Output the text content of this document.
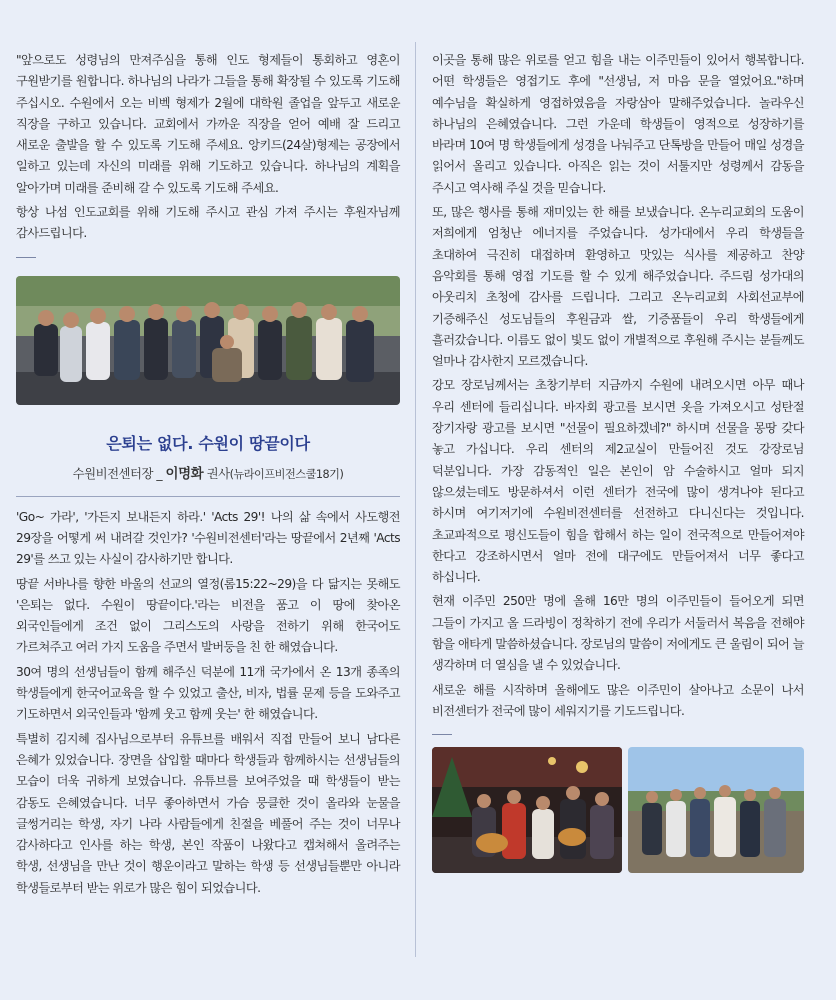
"앞으로도 성령님의 만져주심을 통해 인도 형제들이 통회하고 영혼이 구원받기를 원합니다. 하나님의 나라가 그들을 통해 확장될 수 있도록 기도해 주십시오. 수원에서 오는 비벡 형제가 2월에 대학원 졸업을 앞두고 새로운 직장을 구하고 있습니다. 교회에서 가까운 직장을 얻어 예배 잘 드리고 새로운 출발을 할 수 있도록 기도해 주세요. 앙키드(24살)형제는 공장에서 일하고 있는데 자신의 미래를 위해 기도하고 있습니다. 하나님의 계획을 알아가며 미래를 준비해 갈 수 있도록 기도해 주세요.

항상 나섬 인도교회를 위해 기도해 주시고 관심 가져 주시는 후원자님께 감사드립니다.

은퇴는 없다. 수원이 땅끝이다
수원비전센터장 _ 이명화 권사(뉴라이프비전스쿨18기)

'Go~ 가라', '가든지 보내든지 하라.' 'Acts 29'! 나의 삶 속에서 사도행전 29장을 어떻게 써 내려갈 것인가? '수원비전센터'라는 땅끝에서 2년째 'Acts 29'를 쓰고 있는 사실이 감사하기만 합니다.

땅끝 서바나를 향한 바울의 선교의 열정(롬15:22~29)을 다 닮지는 못해도 '은퇴는 없다. 수원이 땅끝이다.'라는 비전을 품고 이 땅에 찾아온 외국인들에게 조건 없이 그리스도의 사랑을 전하기 위해 한국어도 가르쳐주고 여러 가지 도움을 주면서 발버둥을 친 한 해였습니다.

30여 명의 선생님들이 함께 해주신 덕분에 11개 국가에서 온 13개 종족의 학생들에게 한국어교육을 할 수 있었고 출산, 비자, 법률 문제 등을 도와주고 기도하면서 외국인들과 '함께 웃고 함께 웃는' 한 해였습니다.

특별히 김지혜 집사님으로부터 유튜브를 배워서 직접 만들어 보니 남다른 은혜가 있었습니다. 장면을 삽입할 때마다 학생들과 함께하시는 선생님들의 모습이 더욱 귀하게 보였습니다. 유튜브를 보여주었을 때 학생들이 받는 감동도 은혜였습니다. 너무 좋아하면서 가슴 뭉클한 것이 올라와 눈물을 글썽거리는 학생, 자기 나라 사람들에게 친절을 베풀어 주는 것이 너무나 감사하다고 인사를 하는 학생, 본인 작품이 나왔다고 캡쳐해서 올려주는 학생, 선생님을 만난 것이 행운이라고 말하는 학생 등 선생님들뿐만 아니라 학생들로부터 받는 위로가 많은 힘이 되었습니다.

이곳을 통해 많은 위로를 얻고 힘을 내는 이주민들이 있어서 행복합니다. 어떤 학생들은 영접기도 후에 "선생님, 저 마음 문을 열었어요."하며 예수님을 확실하게 영접하였음을 자랑삼아 말해주었습니다. 놀라우신 하나님의 은혜였습니다. 그런 가운데 학생들이 영적으로 성장하기를 바라며 10여 명 학생들에게 성경을 나눠주고 단톡방을 만들어 매일 성경을 읽어서 올리고 있습니다. 아직은 읽는 것이 서툴지만 성령께서 감동을 주시고 역사해 주실 것을 믿습니다.

또, 많은 행사를 통해 재미있는 한 해를 보냈습니다. 온누리교회의 도움이 저희에게 엄청난 에너지를 주었습니다. 성가대에서 우리 학생들을 초대하여 극진히 대접하며 환영하고 맛있는 식사를 제공하고 찬양 음악회를 통해 영접 기도를 할 수 있게 해주었습니다. 주드림 성가대의 아웃리치 초청에 감사를 드립니다. 그리고 온누리교회 사회선교부에 기증해주신 성도님들의 후원금과 쌀, 기증품들이 우리 학생들에게 흘러갔습니다. 이름도 없이 빛도 없이 개별적으로 후원해 주시는 분들께도 얼마나 감사한지 모르겠습니다.

강모 장로님께서는 초창기부터 지금까지 수원에 내려오시면 아무 때나 우리 센터에 들리십니다. 바자회 광고를 보시면 옷을 가져오시고 성탄절 장기자랑 광고를 보시면 "선물이 필요하겠네?" 하시며 선물을 몽땅 갖다 놓고 가십니다. 우리 센터의 제2교실이 만들어진 것도 강장로님 덕분입니다. 가장 감동적인 일은 본인이 암 수술하시고 얼마 되지 않으셨는데도 방문하셔서 이런 센터가 전국에 많이 생겨나야 된다고 하시며 여기저기에 수원비전센터를 선전하고 다니신다는 것입니다. 초교파적으로 평신도들이 힘을 합해서 하는 일이 전국적으로 만들어져야 한다고 강조하시면서 얼마 전에 대구에도 만들어져서 너무 좋다고 하십니다.

현재 이주민 250만 명에 올해 16만 명의 이주민들이 들어오게 되면 그들이 가지고 올 드라빙이 정착하기 전에 우리가 서둘러서 복음을 전해야 함을 애타게 말씀하셨습니다. 장로님의 말씀이 저에게도 큰 울림이 되어 늘 생각하며 더 열심을 낼 수 있었습니다.

새로운 해를 시작하며 올해에도 많은 이주민이 살아나고 소문이 나서 비전센터가 전국에 많이 세워지기를 기도드립니다.
